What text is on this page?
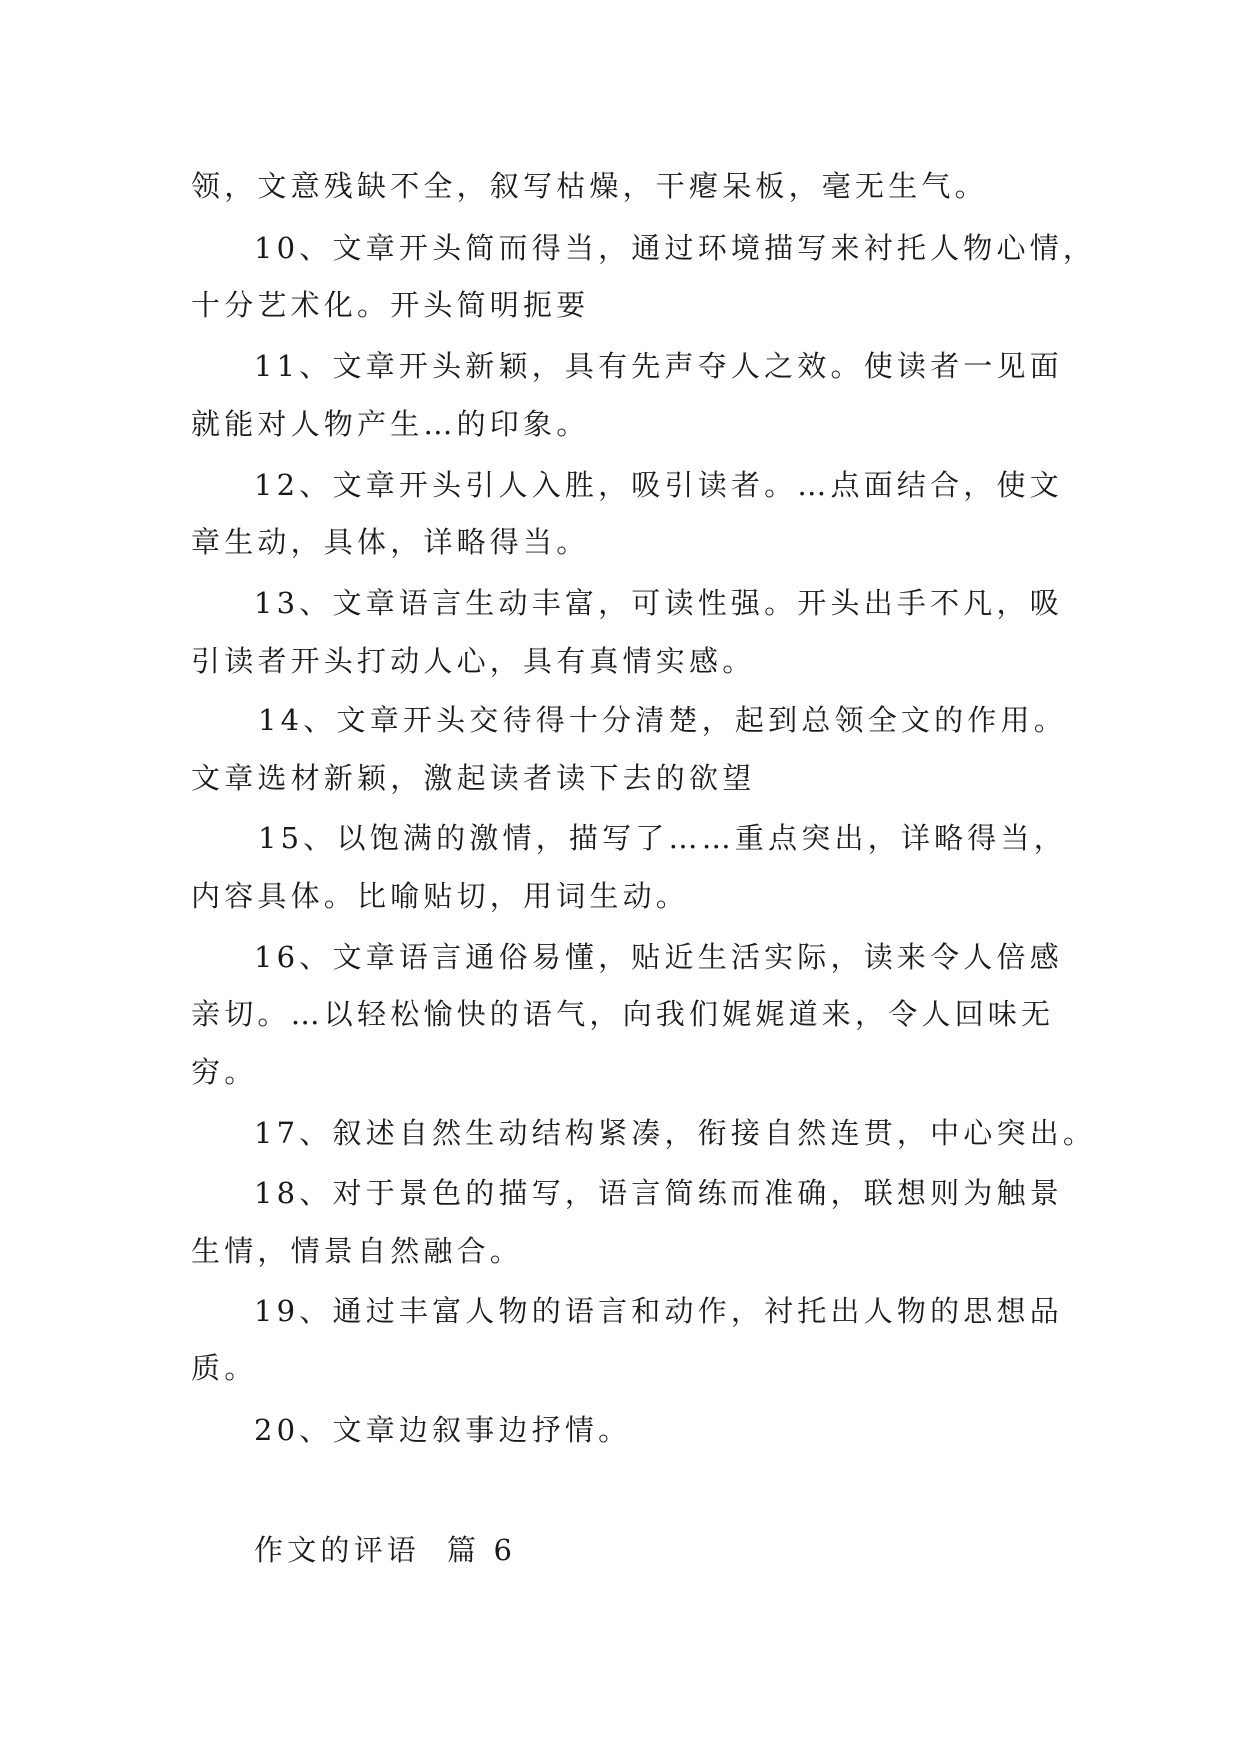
领，文意残缺不全，叙写枯燥，干瘪呆板，毫无生气。
10、文章开头简而得当，通过环境描写来衬托人物心情，
十分艺术化。开头简明扼要
11、文章开头新颖，具有先声夺人之效。使读者一见面
就能对人物产生…的印象。
12、文章开头引人入胜，吸引读者。…点面结合，使文
章生动，具体，详略得当。
13、文章语言生动丰富，可读性强。开头出手不凡，吸
引读者开头打动人心，具有真情实感。
14、文章开头交待得十分清楚，起到总领全文的作用。
文章选材新颖，激起读者读下去的欲望
15、以饱满的激情，描写了……重点突出，详略得当，
内容具体。比喻贴切，用词生动。
16、文章语言通俗易懂，贴近生活实际，读来令人倍感
亲切。…以轻松愉快的语气，向我们娓娓道来，令人回味无
穷。
17、叙述自然生动结构紧凑，衔接自然连贯，中心突出。
18、对于景色的描写，语言简练而准确，联想则为触景
生情，情景自然融合。
19、通过丰富人物的语言和动作，衬托出人物的思想品
质。
20、文章边叙事边抒情。
作文的评语  篇 6
